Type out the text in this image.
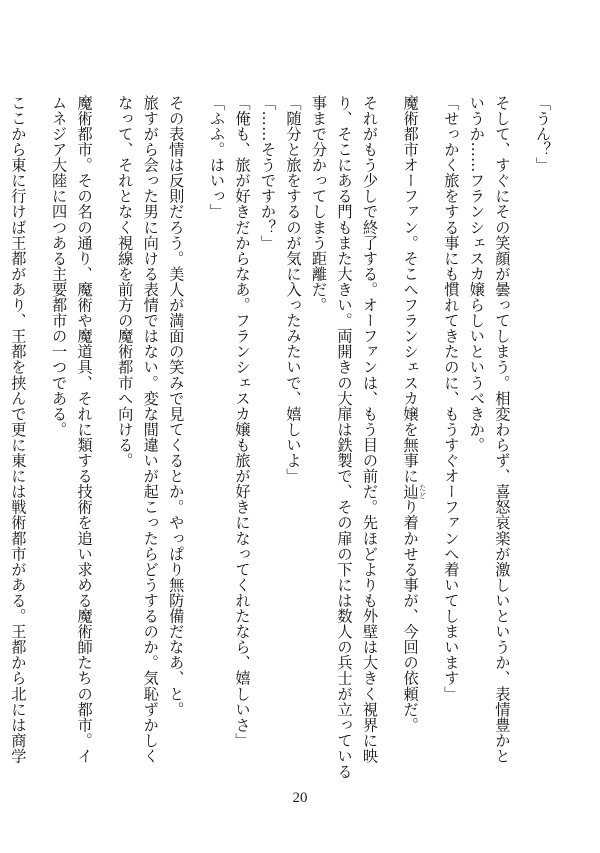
「うん？」

そして、すぐにその笑顔が曇ってしまう。相変わらず、喜怒哀楽が激しいというか、表情豊かと

いうか……フランシェスカ嬢らしいというべきか。

「せっかく旅をする事にも慣れてきたのに、もうすぐオーファンへ着いてしまいます」

魔術都市オーファン。そこへフランシェスカ嬢を無事に辿 たどり着かせる事が、今回の依頼だ。

それがもう少しで終了する。オーファンは、もう目の前だ。先ほどよりも外壁は大きく視界に映

り、そこにある門もまた大きい。両開きの大扉は鉄製で、その扉の下には数人の兵士が立っている

事まで分かってしまう距離だ。

「随分と旅をするのが気に入ったみたいで、嬉しいよ」

「……そうですか？」

「俺も、旅が好きだからなあ。フランシェスカ嬢も旅が好きになってくれたなら、嬉しいさ」

「ふふ。はいっ」

その表情は反則だろう。美人が満面の笑みで見てくるとか。やっぱり無防備だなあ、と。

旅すがら会った男に向ける表情ではない。変な間違いが起こったらどうするのか。気恥ずかしく

なって、それとなく視線を前方の魔術都市へ向ける。

魔術都市。その名の通り、魔術や魔道具、それに類する技術を追い求める魔術師たちの都市。イ

ムネジア大陸に四つある主要都市の一つである。

ここから東に行けば王都があり、王都を挟んで更に東には戦術都市がある。王都から北には商学

20
